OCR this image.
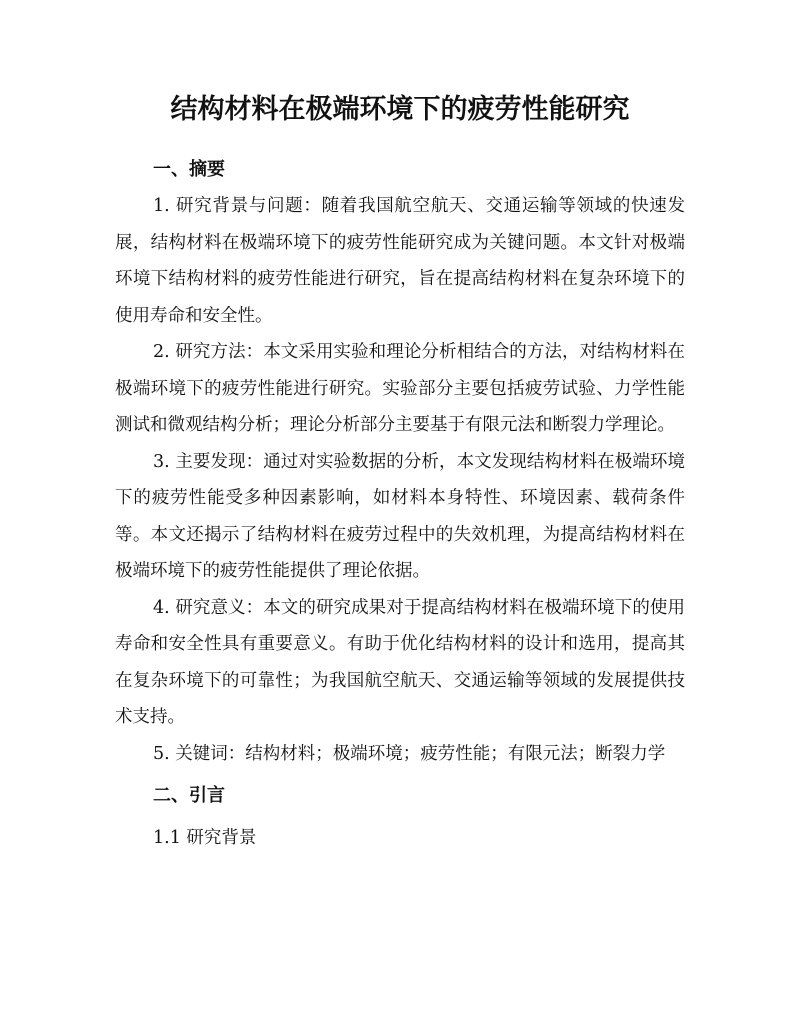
结构材料在极端环境下的疲劳性能研究
一、摘要

1. 研究背景与问题：随着我国航空航天、交通运输等领域的快速发展，结构材料在极端环境下的疲劳性能研究成为关键问题。本文针对极端环境下结构材料的疲劳性能进行研究，旨在提高结构材料在复杂环境下的使用寿命和安全性。

2. 研究方法：本文采用实验和理论分析相结合的方法，对结构材料在极端环境下的疲劳性能进行研究。实验部分主要包括疲劳试验、力学性能测试和微观结构分析；理论分析部分主要基于有限元法和断裂力学理论。

3. 主要发现：通过对实验数据的分析，本文发现结构材料在极端环境下的疲劳性能受多种因素影响，如材料本身特性、环境因素、载荷条件等。本文还揭示了结构材料在疲劳过程中的失效机理，为提高结构材料在极端环境下的疲劳性能提供了理论依据。

4. 研究意义：本文的研究成果对于提高结构材料在极端环境下的使用寿命和安全性具有重要意义。有助于优化结构材料的设计和选用，提高其在复杂环境下的可靠性；为我国航空航天、交通运输等领域的发展提供技术支持。

5. 关键词：结构材料；极端环境；疲劳性能；有限元法；断裂力学

二、引言
1.1 研究背景
